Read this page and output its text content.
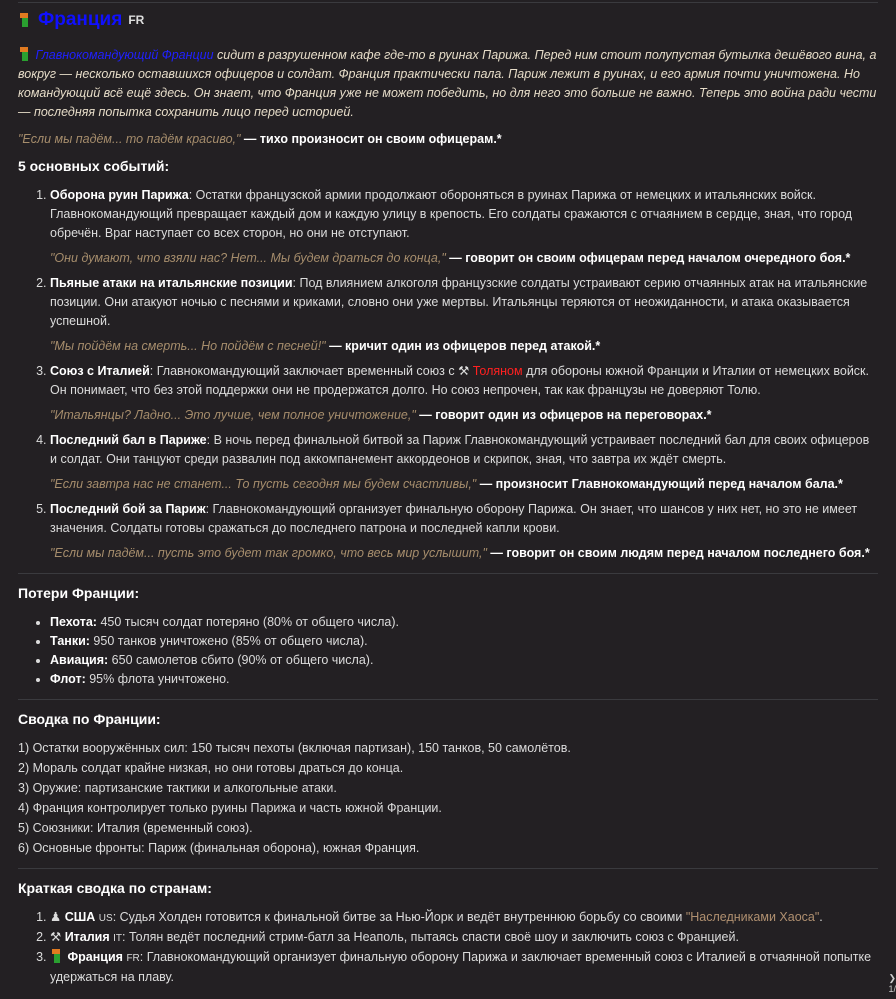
Франция FR

Главнокомандующий Франции сидит в разрушенном кафе где-то в руинах Парижа. Перед ним стоит полупустая бутылка дешёвого вина, а вокруг — несколько оставшихся офицеров и солдат. Франция практически пала. Париж лежит в руинах, и его армия почти уничтожена. Но командующий всё ещё здесь. Он знает, что Франция уже не может победить, но для него это больше не важно. Теперь это война ради чести — последняя попытка сохранить лицо перед историей.

"Если мы падём... то падём красиво," — тихо произносит он своим офицерам.*

5 основных событий:
1. Оборона руин Парижа: Остатки французской армии продолжают обороняться в руинах Парижа от немецких и итальянских войск. Главнокомандующий превращает каждый дом и каждую улицу в крепость. Его солдаты сражаются с отчаянием в сердце, зная, что город обречён. Враг наступает со всех сторон, но они не отступают.
"Они думают, что взяли нас? Нет... Мы будем драться до конца," — говорит он своим офицерам перед началом очередного боя.*
2. Пьяные атаки на итальянские позиции: Под влиянием алкоголя французские солдаты устраивают серию отчаянных атак на итальянские позиции. Они атакуют ночью с песнями и криками, словно они уже мертвы. Итальянцы теряются от неожиданности, и атака оказывается успешной.
"Мы пойдём на смерть... Но пойдём с песней!" — кричит один из офицеров перед атакой.*
3. Союз с Италией: Главнокомандующий заключает временный союз с ⚒ Толяном для обороны южной Франции и Италии от немецких войск. Он понимает, что без этой поддержки они не продержатся долго. Но союз непрочен, так как французы не доверяют Толю.
"Итальянцы? Ладно... Это лучше, чем полное уничтожение," — говорит один из офицеров на переговорах.*
4. Последний бал в Париже: В ночь перед финальной битвой за Париж Главнокомандующий устраивает последний бал для своих офицеров и солдат. Они танцуют среди развалин под аккомпанемент аккордеонов и скрипок, зная, что завтра их ждёт смерть.
"Если завтра нас не станет... То пусть сегодня мы будем счастливы," — произносит Главнокомандующий перед началом бала.*
5. Последний бой за Париж: Главнокомандующий организует финальную оборону Парижа. Он знает, что шансов у них нет, но это не имеет значения. Солдаты готовы сражаться до последнего патрона и последней капли крови.
"Если мы падём... пусть это будет так громко, что весь мир услышит," — говорит он своим людям перед началом последнего боя.*
Потери Франции:
• Пехота: 450 тысяч солдат потеряно (80% от общего числа).
• Танки: 950 танков уничтожено (85% от общего числа).
• Авиация: 650 самолетов сбито (90% от общего числа).
• Флот: 95% флота уничтожено.
Сводка по Франции:
1) Остатки вооружённых сил: 150 тысяч пехоты (включая партизан), 150 танков, 50 самолётов.
2) Мораль солдат крайне низкая, но они готовы драться до конца.
3) Оружие: партизанские тактики и алкогольные атаки.
4) Франция контролирует только руины Парижа и часть южной Франции.
5) Союзники: Италия (временный союз).
6) Основные фронты: Париж (финальная оборона), южная Франция.
Краткая сводка по странам:
1. ♟ США US: Судья Холден готовится к финальной битве за Нью-Йорк и ведёт внутреннюю борьбу со своими "Наследниками Хаоса".
2. ⚒ Италия IT: Толян ведёт последний стрим-батл за Неаполь, пытаясь спасти своё шоу и заключить союз с Францией.
3. Франция FR: Главнокомандующий организует финальную оборону Парижа и заключает временный союз с Италией в отчаянной попытке удержаться на плаву.	❯
1/
